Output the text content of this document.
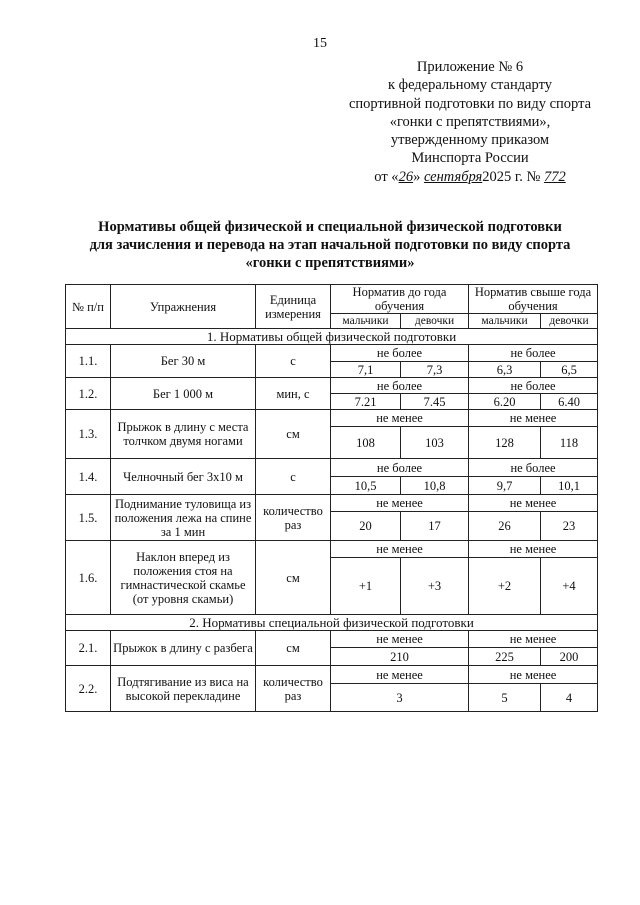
15
Приложение № 6
к федеральному стандарту
спортивной подготовки по виду спорта
«гонки с препятствиями»,
утвержденному приказом
Минспорта России
от «26» сентября2025 г. № 772
Нормативы общей физической и специальной физической подготовки
для зачисления и перевода на этап начальной подготовки по виду спорта
«гонки с препятствиями»
№ п/п	Упражнения	Единица измерения	Норматив до года обучения		Норматив свыше года обучения	
			мальчики	девочки	мальчики	девочки
1. Нормативы общей физической подготовки						
1.1.	Бег 30 м	с	не более		не более	
			7,1	7,3	6,3	6,5
1.2.	Бег 1 000 м	мин, с	не более		не более	
			7.21	7.45	6.20	6.40
1.3.	Прыжок в длину с места толчком двумя ногами	см	не менее		не менее	
			108	103	128	118
1.4.	Челночный бег 3х10 м	с	не более		не более	
			10,5	10,8	9,7	10,1
1.5.	Поднимание туловища из положения лежа на спине за 1 мин	количество раз	не менее		не менее	
			20	17	26	23
1.6.	Наклон вперед из положения стоя на гимнастической скамье (от уровня скамьи)	см	не менее		не менее	
			+1	+3	+2	+4
2. Нормативы специальной физической подготовки						
2.1.	Прыжок в длину с разбега	см	не менее		не менее	
			210		225	200
2.2.	Подтягивание из виса на высокой перекладине	количество раз	не менее		не менее	
			3		5	4
